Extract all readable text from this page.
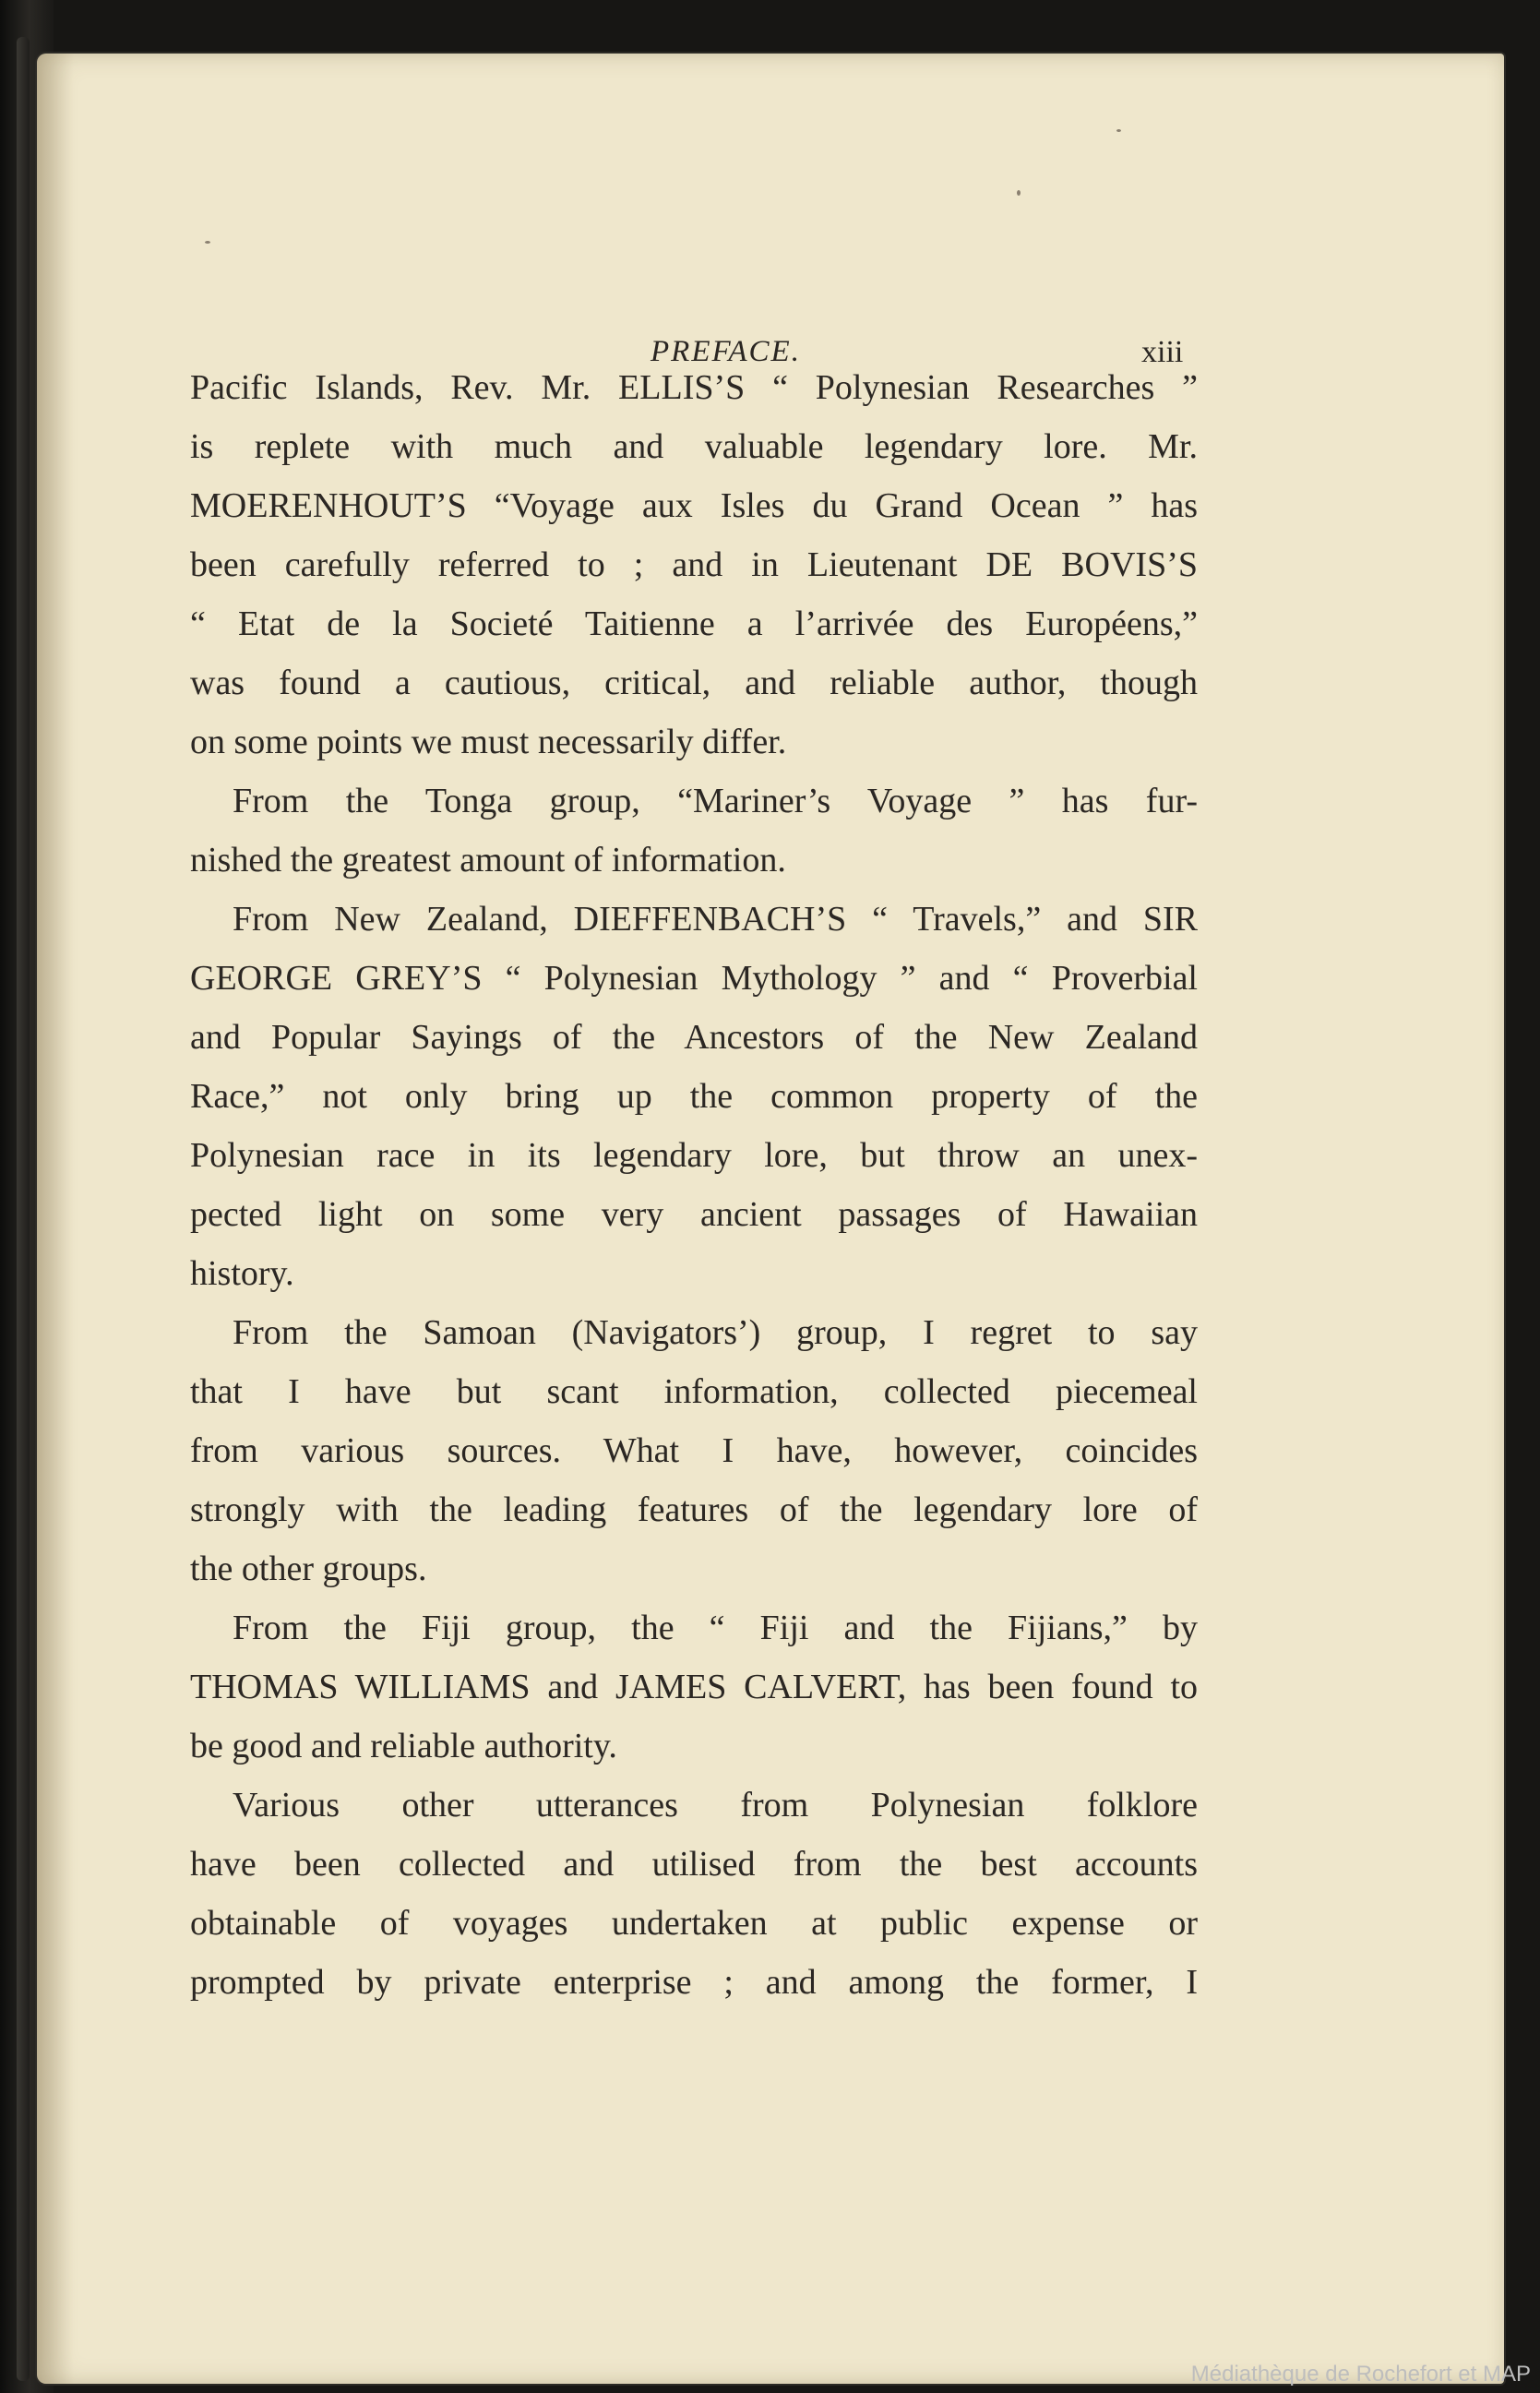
PREFACE.	xiii
Pacific Islands, Rev. Mr. ELLIS’S “ Polynesian Researches ”
is replete with much and valuable legendary lore. Mr.
MOERENHOUT’S “Voyage aux Isles du Grand Ocean ” has
been carefully referred to ; and in Lieutenant DE BOVIS’S
“ Etat de la Societé Taitienne a l’arrivée des Européens,”
was found a cautious, critical, and reliable author, though
on some points we must necessarily differ.
From the Tonga group, “Mariner’s Voyage ” has fur-
nished the greatest amount of information.
From New Zealand, DIEFFENBACH’S “ Travels,” and SIR
GEORGE GREY’S “ Polynesian Mythology ” and “ Proverbial
and Popular Sayings of the Ancestors of the New Zealand
Race,” not only bring up the common property of the
Polynesian race in its legendary lore, but throw an unex-
pected light on some very ancient passages of Hawaiian
history.
From the Samoan (Navigators’) group, I regret to say
that I have but scant information, collected piecemeal
from various sources. What I have, however, coincides
strongly with the leading features of the legendary lore of
the other groups.
From the Fiji group, the “ Fiji and the Fijians,” by
THOMAS WILLIAMS and JAMES CALVERT, has been found to
be good and reliable authority.
Various other utterances from Polynesian folklore
have been collected and utilised from the best accounts
obtainable of voyages undertaken at public expense or
prompted by private enterprise ; and among the former, I
Médiathèque de Rochefort et MAP
